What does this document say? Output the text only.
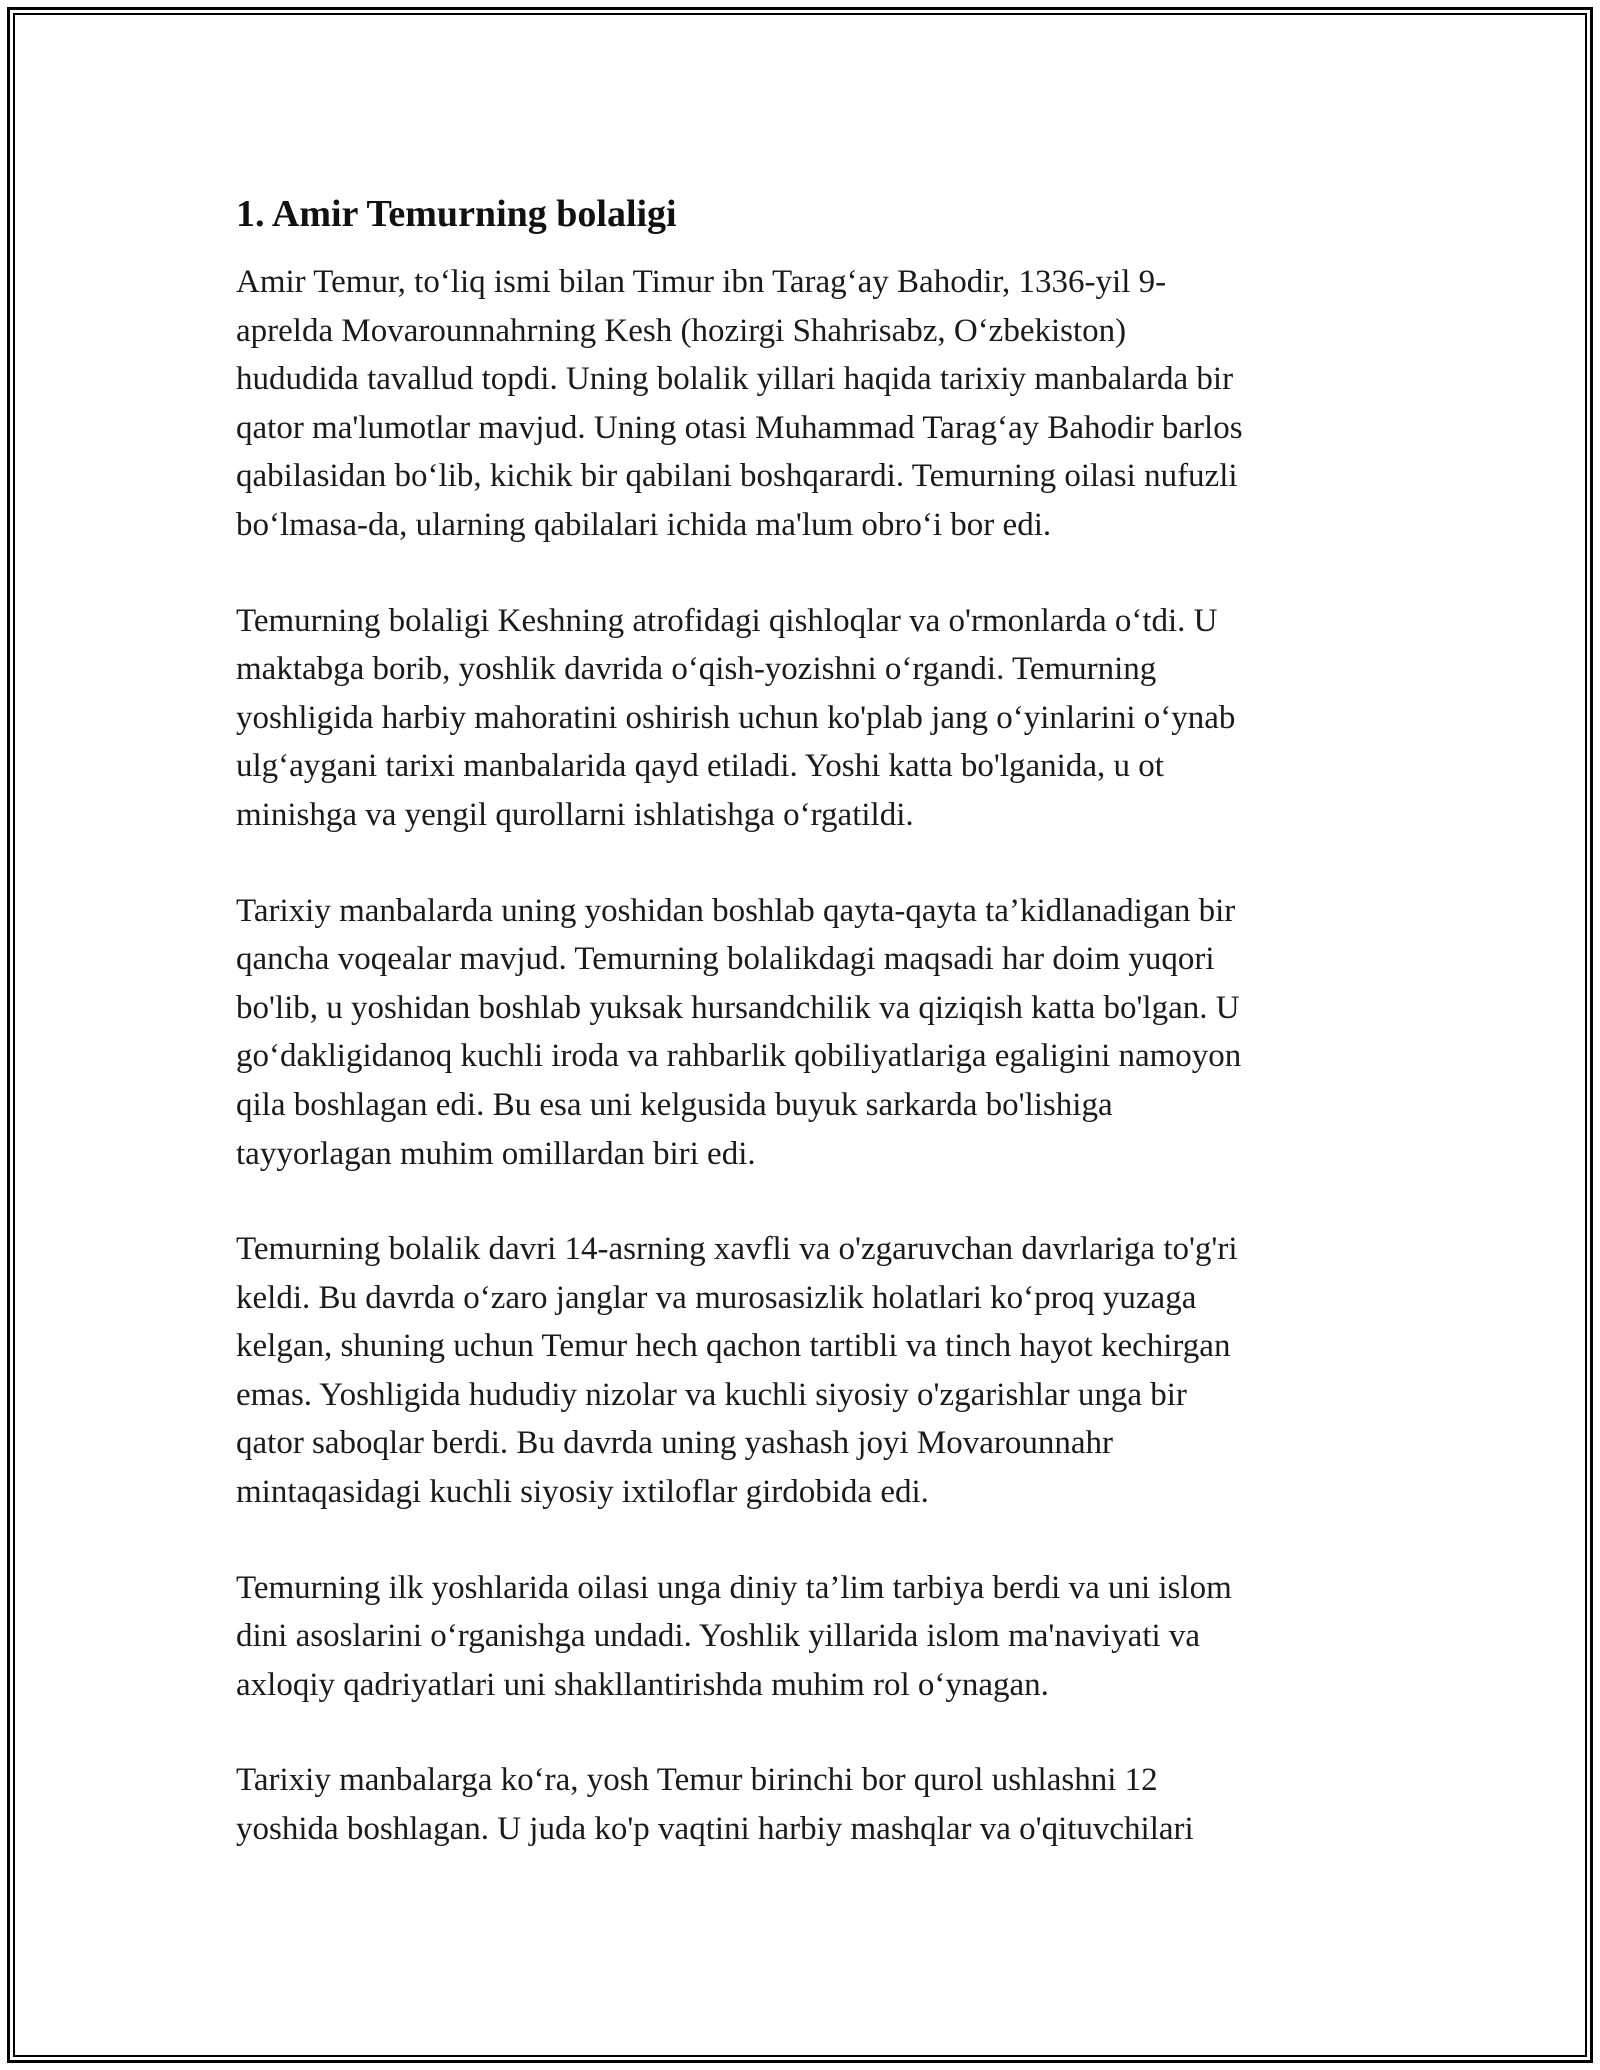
1. Amir Temurning bolaligi

Amir Temur, to‘liq ismi bilan Timur ibn Tarag‘ay Bahodir, 1336-yil 9-
aprelda Movarounnahrning Kesh (hozirgi Shahrisabz, O‘zbekiston)
hududida tavallud topdi. Uning bolalik yillari haqida tarixiy manbalarda bir
qator ma'lumotlar mavjud. Uning otasi Muhammad Tarag‘ay Bahodir barlos
qabilasidan bo‘lib, kichik bir qabilani boshqarardi. Temurning oilasi nufuzli
bo‘lmasa-da, ularning qabilalari ichida ma'lum obro‘i bor edi.

Temurning bolaligi Keshning atrofidagi qishloqlar va o'rmonlarda o‘tdi. U
maktabga borib, yoshlik davrida o‘qish-yozishni o‘rgandi. Temurning
yoshligida harbiy mahoratini oshirish uchun ko'plab jang o‘yinlarini o‘ynab
ulg‘aygani tarixi manbalarida qayd etiladi. Yoshi katta bo'lganida, u ot
minishga va yengil qurollarni ishlatishga o‘rgatildi.

Tarixiy manbalarda uning yoshidan boshlab qayta-qayta ta’kidlanadigan bir
qancha voqealar mavjud. Temurning bolalikdagi maqsadi har doim yuqori
bo'lib, u yoshidan boshlab yuksak hursandchilik va qiziqish katta bo'lgan. U
go‘dakligidanoq kuchli iroda va rahbarlik qobiliyatlariga egaligini namoyon
qila boshlagan edi. Bu esa uni kelgusida buyuk sarkarda bo'lishiga
tayyorlagan muhim omillardan biri edi.

Temurning bolalik davri 14-asrning xavfli va o'zgaruvchan davrlariga to'g'ri
keldi. Bu davrda o‘zaro janglar va murosasizlik holatlari ko‘proq yuzaga
kelgan, shuning uchun Temur hech qachon tartibli va tinch hayot kechirgan
emas. Yoshligida hududiy nizolar va kuchli siyosiy o'zgarishlar unga bir
qator saboqlar berdi. Bu davrda uning yashash joyi Movarounnahr
mintaqasidagi kuchli siyosiy ixtiloflar girdobida edi.

Temurning ilk yoshlarida oilasi unga diniy ta’lim tarbiya berdi va uni islom
dini asoslarini o‘rganishga undadi. Yoshlik yillarida islom ma'naviyati va
axloqiy qadriyatlari uni shakllantirishda muhim rol o‘ynagan.

Tarixiy manbalarga ko‘ra, yosh Temur birinchi bor qurol ushlashni 12
yoshida boshlagan. U juda ko'p vaqtini harbiy mashqlar va o'qituvchilari
